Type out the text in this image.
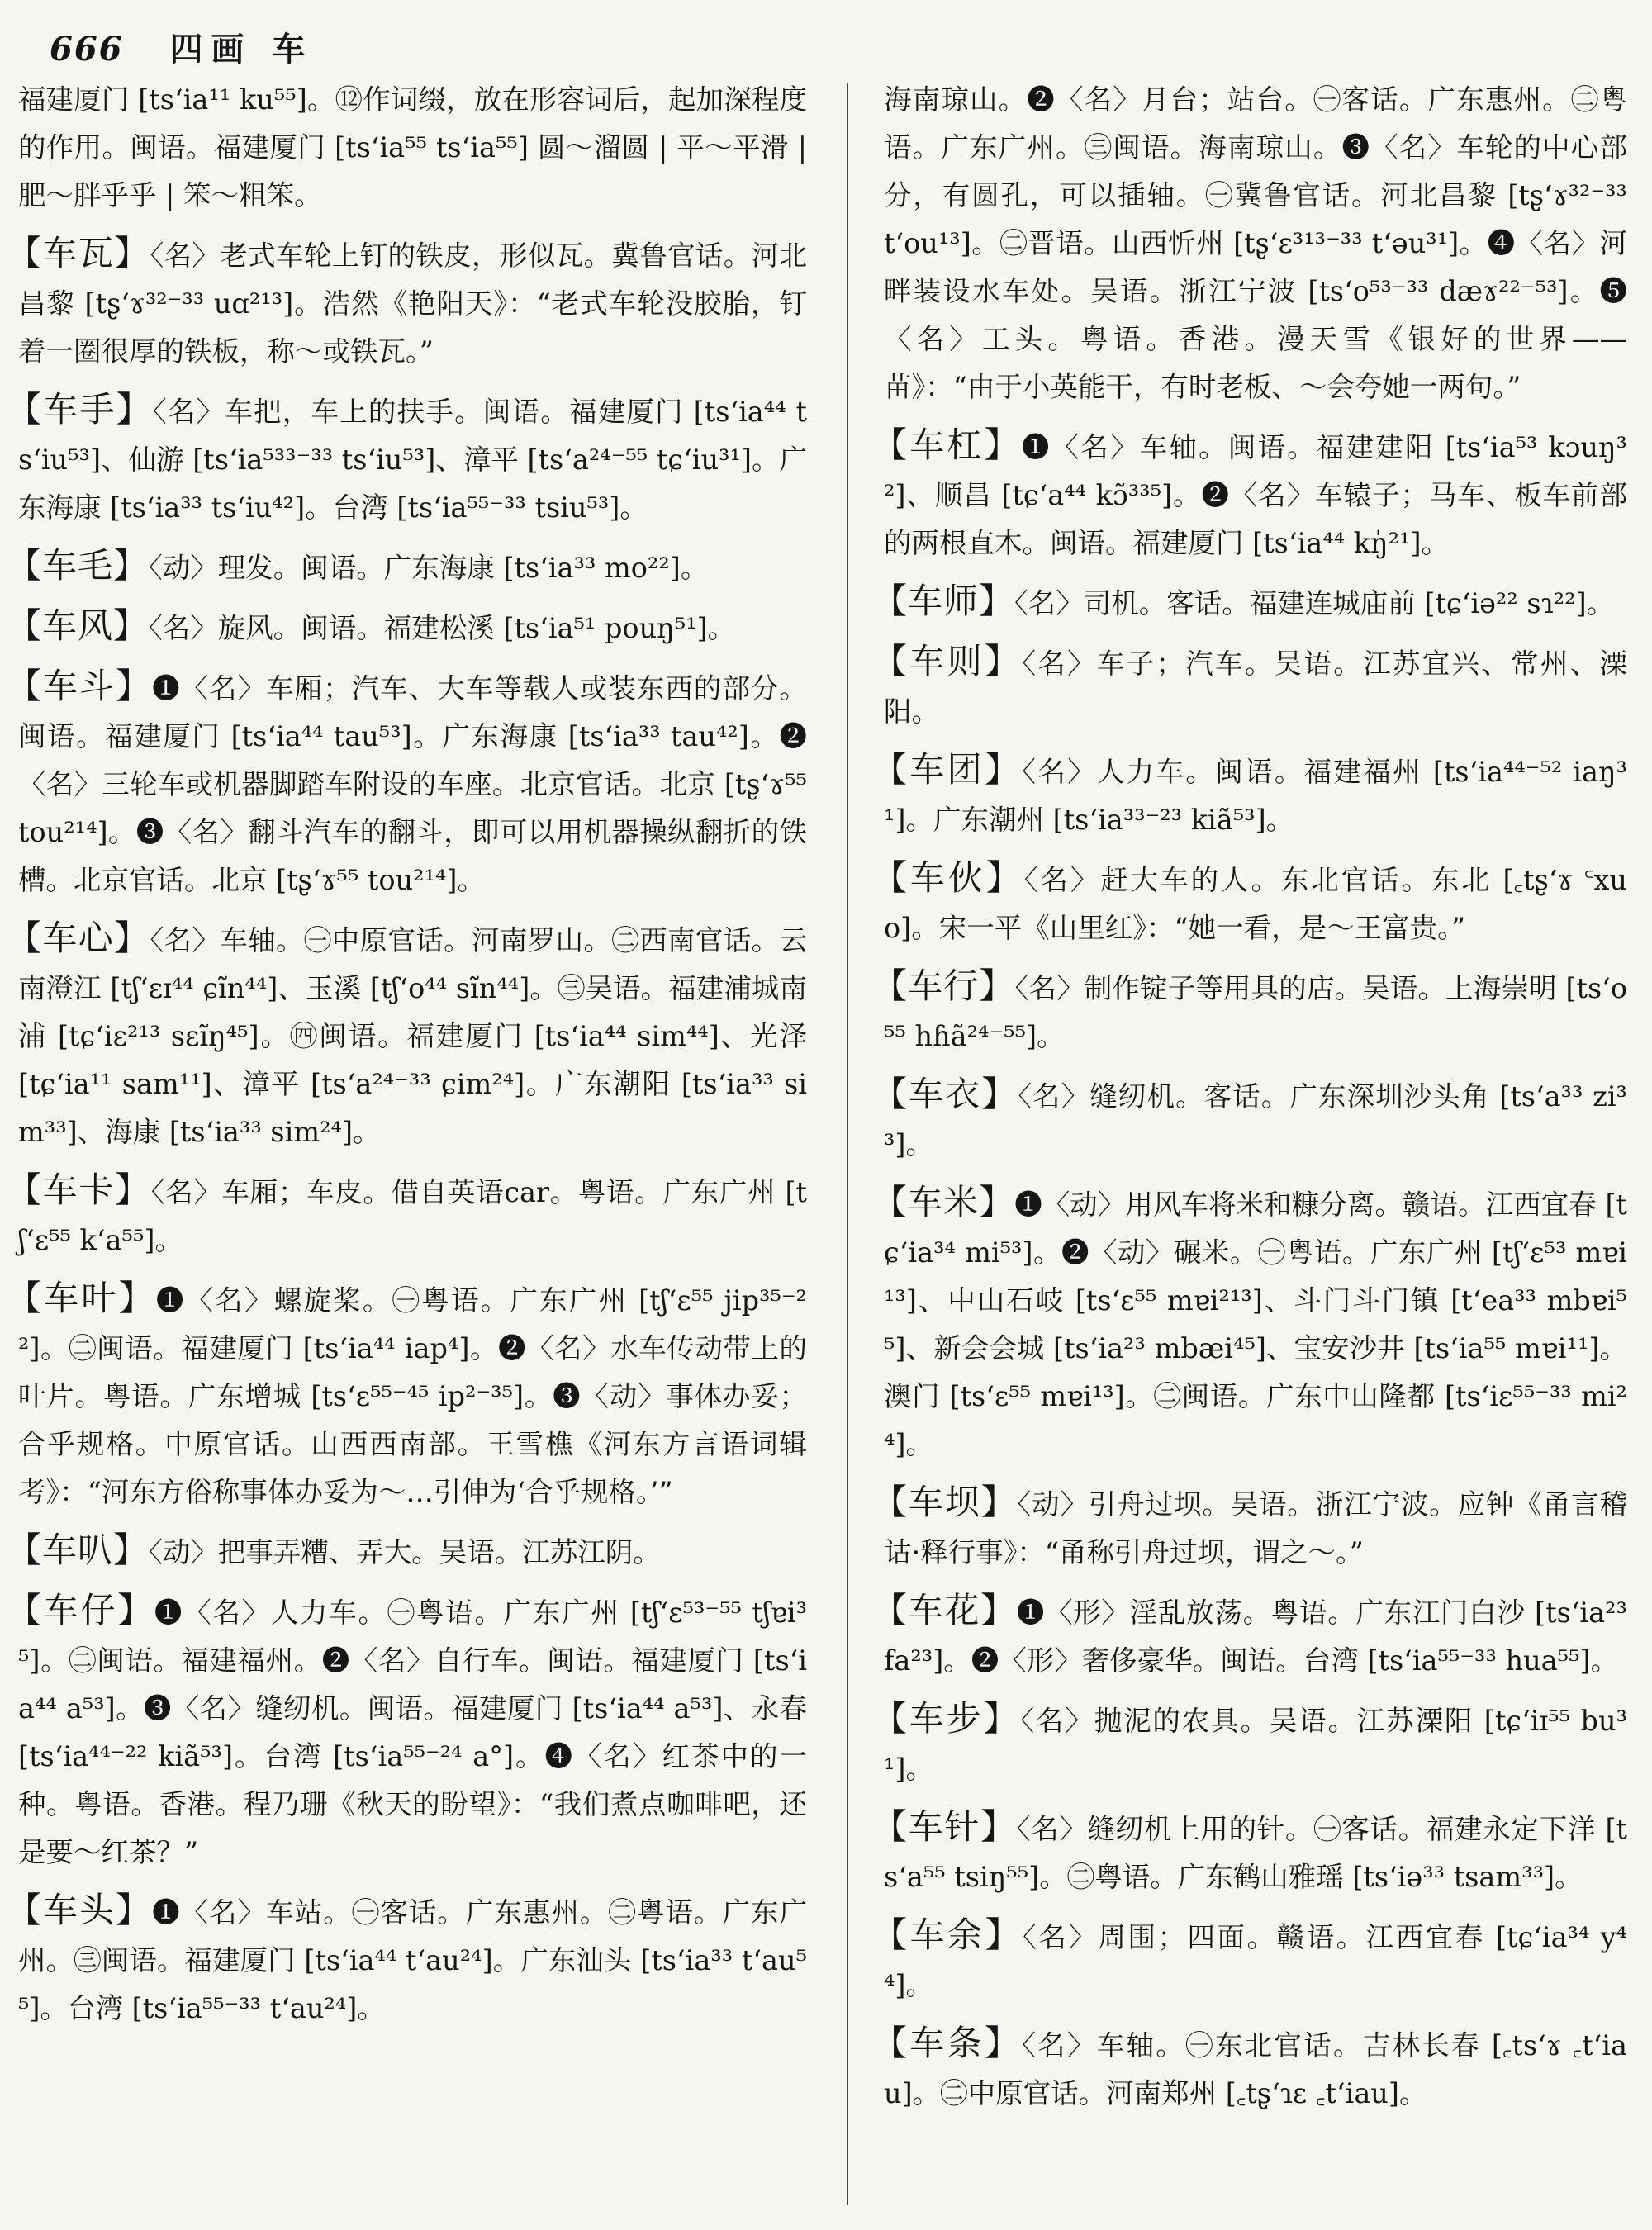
666 四画 车

福建厦门 [ts‘ia¹¹ ku⁵⁵]。⑫作词缀，放在形容词后，起加深程度的作用。闽语。福建厦门 [ts‘ia⁵⁵ ts‘ia⁵⁵] 圆～溜圆 | 平～平滑 | 肥～胖乎乎 | 笨～粗笨。

【车瓦】〈名〉老式车轮上钉的铁皮，形似瓦。冀鲁官话。河北昌黎 [tʂ‘ɤ³²⁻³³ uɑ²¹³]。浩然《艳阳天》：“老式车轮没胶胎，钉着一圈很厚的铁板，称～或铁瓦。”

【车手】〈名〉车把，车上的扶手。闽语。福建厦门 [ts‘ia⁴⁴ ts‘iu⁵³]、仙游 [ts‘ia⁵³³⁻³³ ts‘iu⁵³]、漳平 [ts‘a²⁴⁻⁵⁵ tɕ‘iu³¹]。广东海康 [ts‘ia³³ ts‘iu⁴²]。台湾 [ts‘ia⁵⁵⁻³³ tsiu⁵³]。

【车毛】〈动〉理发。闽语。广东海康 [ts‘ia³³ mo²²]。

【车风】〈名〉旋风。闽语。福建松溪 [ts‘ia⁵¹ pouŋ⁵¹]。

【车斗】❶〈名〉车厢；汽车、大车等载人或装东西的部分。闽语。福建厦门 [ts‘ia⁴⁴ tau⁵³]。广东海康 [ts‘ia³³ tau⁴²]。❷〈名〉三轮车或机器脚踏车附设的车座。北京官话。北京 [tʂ‘ɤ⁵⁵ tou²¹⁴]。❸〈名〉翻斗汽车的翻斗，即可以用机器操纵翻折的铁槽。北京官话。北京 [tʂ‘ɤ⁵⁵ tou²¹⁴]。

【车心】〈名〉车轴。㊀中原官话。河南罗山。㊁西南官话。云南澄江 [tʃ‘ɛɪ⁴⁴ ɕĩn⁴⁴]、玉溪 [tʃ‘o⁴⁴ sĩn⁴⁴]。㊂吴语。福建浦城南浦 [tɕ‘iɛ²¹³ sɛĩŋ⁴⁵]。㊃闽语。福建厦门 [ts‘ia⁴⁴ sim⁴⁴]、光泽 [tɕ‘ia¹¹ sam¹¹]、漳平 [ts‘a²⁴⁻³³ ɕim²⁴]。广东潮阳 [ts‘ia³³ sim³³]、海康 [ts‘ia³³ sim²⁴]。

【车卡】〈名〉车厢；车皮。借自英语car。粤语。广东广州 [tʃ‘ɛ⁵⁵ k‘a⁵⁵]。

【车叶】❶〈名〉螺旋桨。㊀粤语。广东广州 [tʃ‘ɛ⁵⁵ jip³⁵⁻²²]。㊁闽语。福建厦门 [ts‘ia⁴⁴ iap⁴]。❷〈名〉水车传动带上的叶片。粤语。广东增城 [ts‘ɛ⁵⁵⁻⁴⁵ ip²⁻³⁵]。❸〈动〉事体办妥；合乎规格。中原官话。山西西南部。王雪樵《河东方言语词辑考》：“河东方俗称事体办妥为～…引伸为‘合乎规格。’”

【车叭】〈动〉把事弄糟、弄大。吴语。江苏江阴。

【车仔】❶〈名〉人力车。㊀粤语。广东广州 [tʃ‘ɛ⁵³⁻⁵⁵ tʃɐi³⁵]。㊁闽语。福建福州。❷〈名〉自行车。闽语。福建厦门 [ts‘ia⁴⁴ a⁵³]。❸〈名〉缝纫机。闽语。福建厦门 [ts‘ia⁴⁴ a⁵³]、永春 [ts‘ia⁴⁴⁻²² kiã⁵³]。台湾 [ts‘ia⁵⁵⁻²⁴ a°]。❹〈名〉红茶中的一种。粤语。香港。程乃珊《秋天的盼望》：“我们煮点咖啡吧，还是要～红茶？”

【车头】❶〈名〉车站。㊀客话。广东惠州。㊁粤语。广东广州。㊂闽语。福建厦门 [ts‘ia⁴⁴ t‘au²⁴]。广东汕头 [ts‘ia³³ t‘au⁵⁵]。台湾 [ts‘ia⁵⁵⁻³³ t‘au²⁴]。

海南琼山。❷〈名〉月台；站台。㊀客话。广东惠州。㊁粤语。广东广州。㊂闽语。海南琼山。❸〈名〉车轮的中心部分，有圆孔，可以插轴。㊀冀鲁官话。河北昌黎 [tʂ‘ɤ³²⁻³³ t‘ou¹³]。㊁晋语。山西忻州 [tʂ‘ɛ³¹³⁻³³ t‘əu³¹]。❹〈名〉河畔装设水车处。吴语。浙江宁波 [ts‘o⁵³⁻³³ dæɤ²²⁻⁵³]。❺〈名〉工头。粤语。香港。漫天雪《银好的世界——苗》：“由于小英能干，有时老板、～会夸她一两句。”

【车杠】❶〈名〉车轴。闽语。福建建阳 [ts‘ia⁵³ kɔuŋ³²]、顺昌 [tɕ‘a⁴⁴ kɔ̃³³⁵]。❷〈名〉车辕子；马车、板车前部的两根直木。闽语。福建厦门 [ts‘ia⁴⁴ kŋ̍²¹]。

【车师】〈名〉司机。客话。福建连城庙前 [tɕ‘iə²² sɿ²²]。

【车则】〈名〉车子；汽车。吴语。江苏宜兴、常州、溧阳。

【车团】〈名〉人力车。闽语。福建福州 [ts‘ia⁴⁴⁻⁵² iaŋ³¹]。广东潮州 [ts‘ia³³⁻²³ kiã⁵³]。

【车伙】〈名〉赶大车的人。东北官话。东北 [꜀tʂ‘ɤ ꜂xuo]。宋一平《山里红》：“她一看，是～王富贵。”

【车行】〈名〉制作锭子等用具的店。吴语。上海崇明 [ts‘o⁵⁵ hɦã²⁴⁻⁵⁵]。

【车衣】〈名〉缝纫机。客话。广东深圳沙头角 [ts‘a³³ zi³³]。

【车米】❶〈动〉用风车将米和糠分离。赣语。江西宜春 [tɕ‘ia³⁴ mi⁵³]。❷〈动〉碾米。㊀粤语。广东广州 [tʃ‘ɛ⁵³ mɐi¹³]、中山石岐 [ts‘ɛ⁵⁵ mɐi²¹³]、斗门斗门镇 [t‘ea³³ mbɐi⁵⁵]、新会会城 [ts‘ia²³ mbæi⁴⁵]、宝安沙井 [ts‘ia⁵⁵ mɐi¹¹]。澳门 [ts‘ɛ⁵⁵ mɐi¹³]。㊁闽语。广东中山隆都 [ts‘iɛ⁵⁵⁻³³ mi²⁴]。

【车坝】〈动〉引舟过坝。吴语。浙江宁波。应钟《甬言稽诂·释行事》：“甬称引舟过坝，谓之～。”

【车花】❶〈形〉淫乱放荡。粤语。广东江门白沙 [ts‘ia²³ fa²³]。❷〈形〉奢侈豪华。闽语。台湾 [ts‘ia⁵⁵⁻³³ hua⁵⁵]。

【车步】〈名〉抛泥的农具。吴语。江苏溧阳 [tɕ‘iɪ⁵⁵ bu³¹]。

【车针】〈名〉缝纫机上用的针。㊀客话。福建永定下洋 [ts‘a⁵⁵ tsiŋ⁵⁵]。㊁粤语。广东鹤山雅瑶 [ts‘iə³³ tsam³³]。

【车余】〈名〉周围；四面。赣语。江西宜春 [tɕ‘ia³⁴ y⁴⁴]。

【车条】〈名〉车轴。㊀东北官话。吉林长春 [꜀ts‘ɤ ꜀t‘iau]。㊁中原官话。河南郑州 [꜀tʂ‘ɿɛ ꜀t‘iau]。
